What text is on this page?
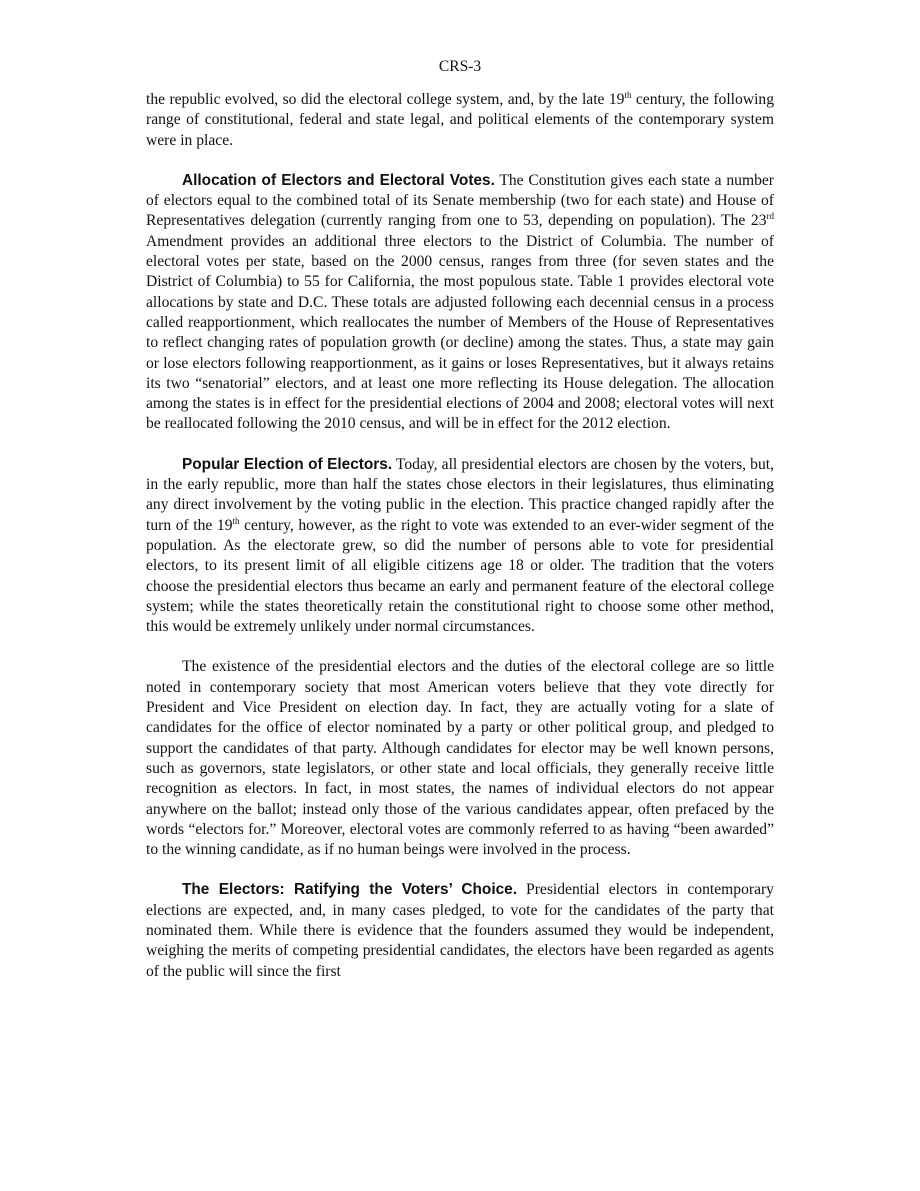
CRS-3

the republic evolved, so did the electoral college system, and, by the late 19th century, the following range of constitutional, federal and state legal, and political elements of the contemporary system were in place.

Allocation of Electors and Electoral Votes. The Constitution gives each state a number of electors equal to the combined total of its Senate membership (two for each state) and House of Representatives delegation (currently ranging from one to 53, depending on population). The 23rd Amendment provides an additional three electors to the District of Columbia. The number of electoral votes per state, based on the 2000 census, ranges from three (for seven states and the District of Columbia) to 55 for California, the most populous state. Table 1 provides electoral vote allocations by state and D.C. These totals are adjusted following each decennial census in a process called reapportionment, which reallocates the number of Members of the House of Representatives to reflect changing rates of population growth (or decline) among the states. Thus, a state may gain or lose electors following reapportionment, as it gains or loses Representatives, but it always retains its two “senatorial” electors, and at least one more reflecting its House delegation. The allocation among the states is in effect for the presidential elections of 2004 and 2008; electoral votes will next be reallocated following the 2010 census, and will be in effect for the 2012 election.

Popular Election of Electors. Today, all presidential electors are chosen by the voters, but, in the early republic, more than half the states chose electors in their legislatures, thus eliminating any direct involvement by the voting public in the election. This practice changed rapidly after the turn of the 19th century, however, as the right to vote was extended to an ever-wider segment of the population. As the electorate grew, so did the number of persons able to vote for presidential electors, to its present limit of all eligible citizens age 18 or older. The tradition that the voters choose the presidential electors thus became an early and permanent feature of the electoral college system; while the states theoretically retain the constitutional right to choose some other method, this would be extremely unlikely under normal circumstances.

The existence of the presidential electors and the duties of the electoral college are so little noted in contemporary society that most American voters believe that they vote directly for President and Vice President on election day. In fact, they are actually voting for a slate of candidates for the office of elector nominated by a party or other political group, and pledged to support the candidates of that party. Although candidates for elector may be well known persons, such as governors, state legislators, or other state and local officials, they generally receive little recognition as electors. In fact, in most states, the names of individual electors do not appear anywhere on the ballot; instead only those of the various candidates appear, often prefaced by the words “electors for.” Moreover, electoral votes are commonly referred to as having “been awarded” to the winning candidate, as if no human beings were involved in the process.

The Electors: Ratifying the Voters’ Choice. Presidential electors in contemporary elections are expected, and, in many cases pledged, to vote for the candidates of the party that nominated them. While there is evidence that the founders assumed they would be independent, weighing the merits of competing presidential candidates, the electors have been regarded as agents of the public will since the first
